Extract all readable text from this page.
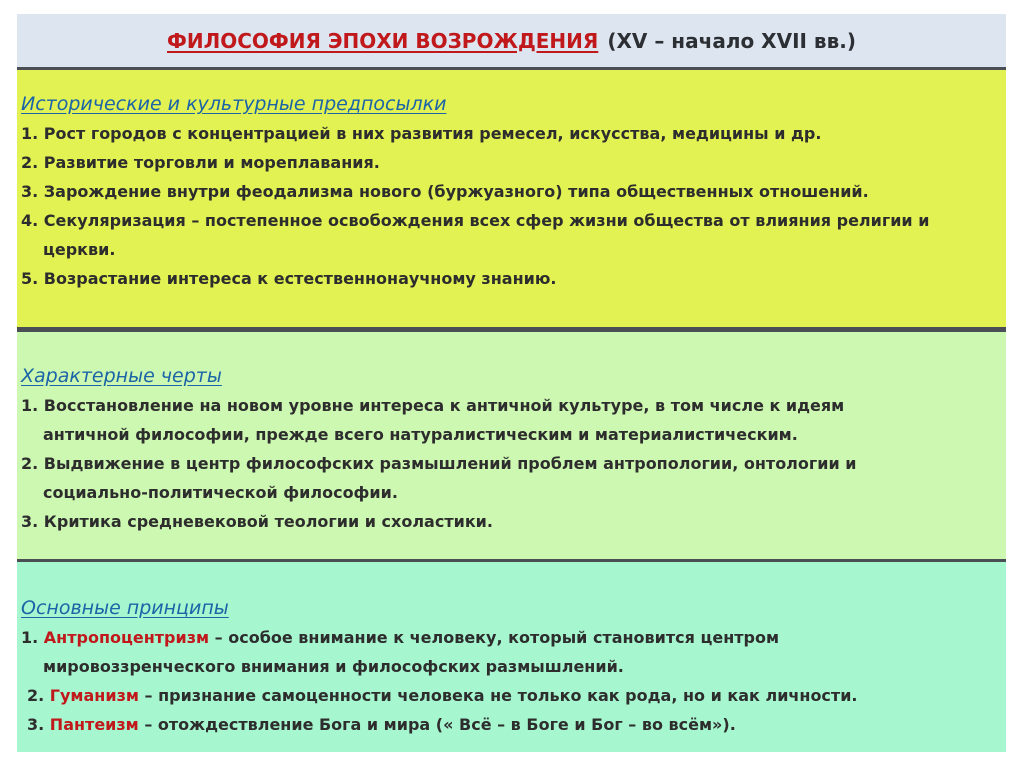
ФИЛОСОФИЯ ЭПОХИ ВОЗРОЖДЕНИЯ (XV – начало XVII вв.)
Исторические и культурные предпосылки
1. Рост городов с концентрацией в них развития ремесел, искусства, медицины и др.
2. Развитие торговли и мореплавания.
3. Зарождение внутри феодализма нового (буржуазного) типа общественных отношений.
4. Секуляризация – постепенное освобождения всех сфер жизни общества от влияния религии и
церкви.
5. Возрастание интереса к естественнонаучному знанию.
Характерные черты
1. Восстановление на новом уровне интереса к античной культуре, в том числе к идеям
античной философии, прежде всего натуралистическим и материалистическим.
2. Выдвижение в центр философских размышлений проблем антропологии, онтологии и
социально-политической философии.
3. Критика средневековой теологии и схоластики.
Основные принципы
1. Антропоцентризм – особое внимание к человеку, который становится центром
мировоззренческого внимания и философских размышлений.
2. Гуманизм – признание самоценности человека не только как рода, но и как личности.
3. Пантеизм – отождествление Бога и мира (« Всё – в Боге и Бог – во всём»).
